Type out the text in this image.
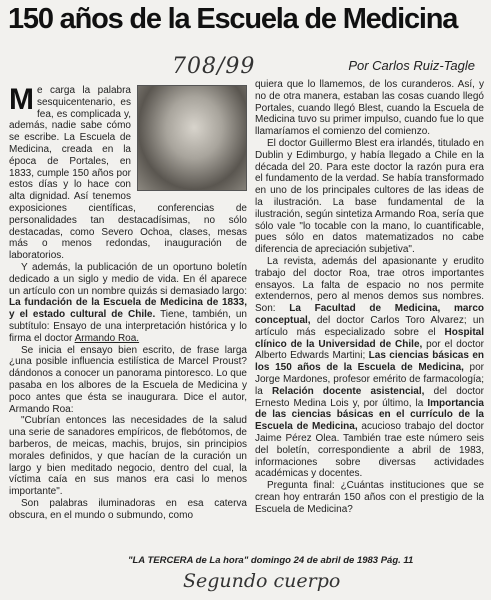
150 años de la Escuela de Medicina
708/99	Por Carlos Ruiz-Tagle

Me carga la palabra sesquicentenario, es fea, es complicada y, además, nadie sabe cómo se escribe. La Escuela de Medicina, creada en la época de Portales, en 1833, cumple 150 años por estos días y lo hace con alta dignidad. Así tenemos exposiciones científicas, conferencias de personalidades tan destacadísimas, no sólo destacadas, como Severo Ochoa, clases, mesas más o menos redondas, inauguración de laboratorios.

Y además, la publicación de un oportuno boletín dedicado a un siglo y medio de vida. En él aparece un artículo con un nombre quizás si demasiado largo: La fundación de la Escuela de Medicina de 1833, y el estado cultural de Chile. Tiene, también, un subtítulo: Ensayo de una interpretación histórica y lo firma el doctor Armando Roa.

Se inicia el ensayo bien escrito, de frase larga ¿una posible influencia estilística de Marcel Proust? dándonos a conocer un panorama pintoresco. Lo que pasaba en los albores de la Escuela de Medicina y poco antes que ésta se inaugurara. Dice el autor, Armando Roa:

"Cubrían entonces las necesidades de la salud una serie de sanadores empíricos, de flebótomos, de barberos, de meicas, machis, brujos, sin principios morales definidos, y que hacían de la curación un largo y bien meditado negocio, dentro del cual, la víctima caía en sus manos era casi lo menos importante".

Son palabras iluminadoras en esa caterva obscura, en el mundo o submundo, como

quiera que lo llamemos, de los curanderos. Así, y no de otra manera, estaban las cosas cuando llegó Portales, cuando llegó Blest, cuando la Escuela de Medicina tuvo su primer impulso, cuando fue lo que llamaríamos el comienzo del comienzo.

El doctor Guillermo Blest era irlandés, titulado en Dublin y Edimburgo, y había llegado a Chile en la década del 20. Para este doctor la razón pura era el fundamento de la verdad. Se había transformado en uno de los principales cultores de las ideas de la ilustración. La base fundamental de la ilustración, según sintetiza Armando Roa, sería que sólo vale "lo tocable con la mano, lo cuantificable, pues sólo en datos matematizados no cabe diferencia de apreciación subjetiva".

La revista, además del apasionante y erudito trabajo del doctor Roa, trae otros importantes ensayos. La falta de espacio no nos permite extendernos, pero al menos demos sus nombres. Son: La Facultad de Medicina, marco conceptual, del doctor Carlos Toro Alvarez; un artículo más especializado sobre el Hospital clínico de la Universidad de Chile, por el doctor Alberto Edwards Martini; Las ciencias básicas en los 150 años de la Escuela de Medicina, por Jorge Mardones, profesor emérito de farmacología; la Relación docente asistencial, del doctor Ernesto Medina Lois y, por último, la Importancia de las ciencias básicas en el currículo de la Escuela de Medicina, acucioso trabajo del doctor Jaime Pérez Olea. También trae este número seis del boletín, correspondiente a abril de 1983, informaciones sobre diversas actividades académicas y docentes.

Pregunta final: ¿Cuántas instituciones que se crean hoy entrarán 150 años con el prestigio de la Escuela de Medicina?

"LA TERCERA de La hora" domingo 24 de abril de 1983 Pág. 11
Segundo cuerpo
